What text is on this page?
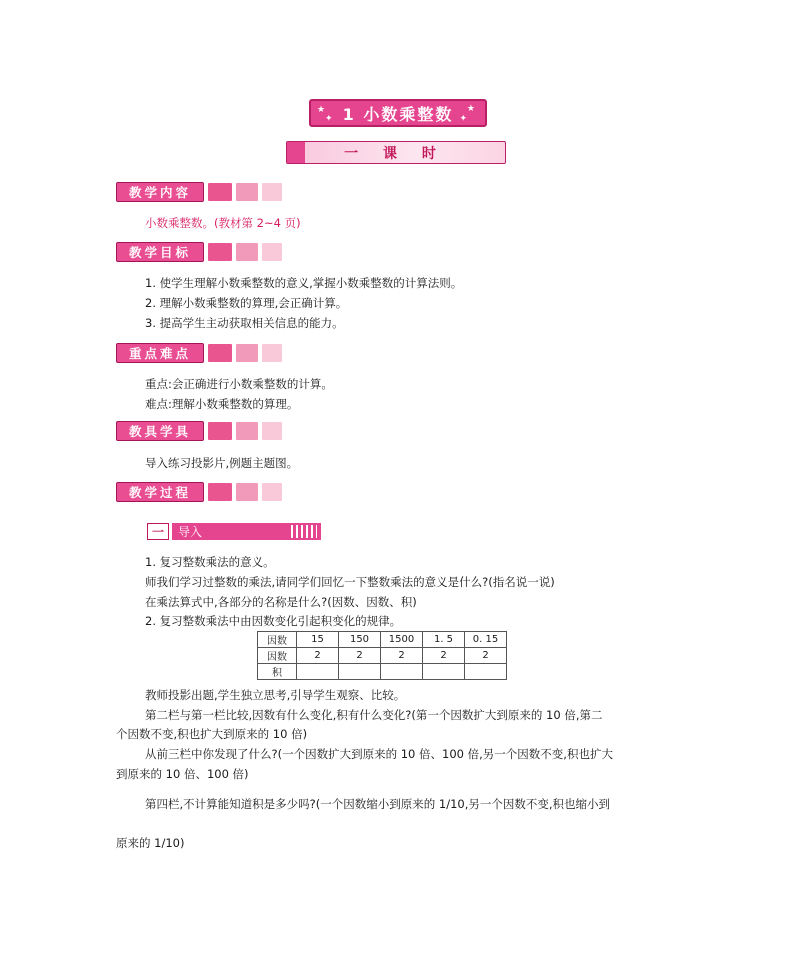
★
✦
★
✦
1 小数乘整数
一 课 时
教学内容
小数乘整数。(教材第 2~4 页)
教学目标
1. 使学生理解小数乘整数的意义,掌握小数乘整数的计算法则。
2. 理解小数乘整数的算理,会正确计算。
3. 提高学生主动获取相关信息的能力。
重点难点
重点:会正确进行小数乘整数的计算。
难点:理解小数乘整数的算理。
教具学具
导入练习投影片,例题主题图。
教学过程
一	导入
1. 复习整数乘法的意义。
师我们学习过整数的乘法,请同学们回忆一下整数乘法的意义是什么?(指名说一说)
在乘法算式中,各部分的名称是什么?(因数、因数、积)
2. 复习整数乘法中由因数变化引起积变化的规律。
因数	15	150	1500	1. 5	0. 15
因数	2	2	2	2	2
积					
教师投影出题,学生独立思考,引导学生观察、比较。
第二栏与第一栏比较,因数有什么变化,积有什么变化?(第一个因数扩大到原来的 10 倍,第二
个因数不变,积也扩大到原来的 10 倍)
从前三栏中你发现了什么?(一个因数扩大到原来的 10 倍、100 倍,另一个因数不变,积也扩大
到原来的 10 倍、100 倍)
第四栏,不计算能知道积是多少吗?(一个因数缩小到原来的 1/10,另一个因数不变,积也缩小到
原来的 1/10)
